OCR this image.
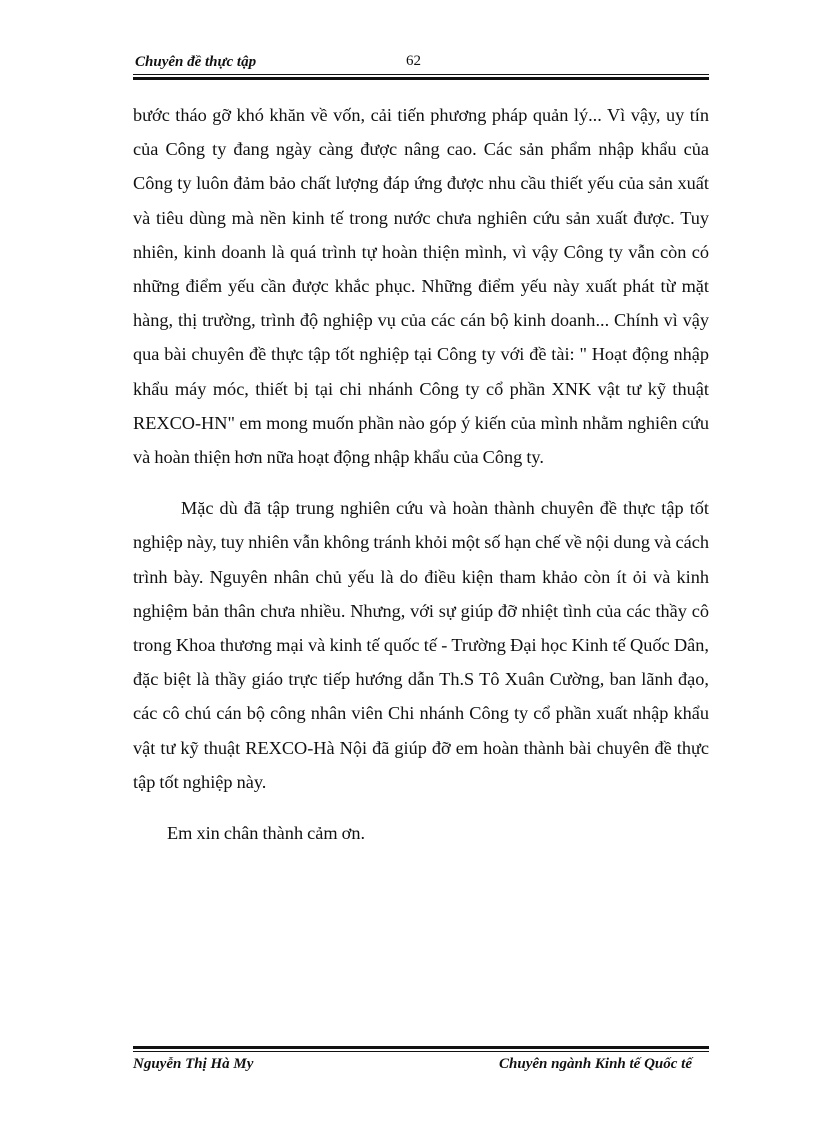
Chuyên đề thực tập	62

bước tháo gỡ khó khăn về vốn, cải tiến phương pháp quản lý... Vì vậy, uy tín của Công ty đang ngày càng được nâng cao. Các sản phẩm nhập khẩu của Công ty luôn đảm bảo chất lượng đáp ứng được nhu cầu thiết yếu của sản xuất và tiêu dùng mà nền kinh tế trong nước chưa nghiên cứu sản xuất được. Tuy nhiên, kinh doanh là quá trình tự hoàn thiện mình, vì vậy Công ty vẫn còn có những điểm yếu cần được khắc phục. Những điểm yếu này xuất phát từ mặt hàng, thị trường, trình độ nghiệp vụ của các cán bộ kinh doanh... Chính vì vậy qua bài chuyên đề thực tập tốt nghiệp tại Công ty với đề tài: " Hoạt động nhập khẩu máy móc, thiết bị tại chi nhánh Công ty cổ phần XNK vật tư kỹ thuật REXCO-HN" em mong muốn phần nào góp ý kiến của mình nhằm nghiên cứu và hoàn thiện hơn nữa hoạt động nhập khẩu của Công ty.

Mặc dù đã tập trung nghiên cứu và hoàn thành chuyên đề thực tập tốt nghiệp này, tuy nhiên vẫn không tránh khỏi một số hạn chế về nội dung và cách trình bày. Nguyên nhân chủ yếu là do điều kiện tham khảo còn ít ỏi và kinh nghiệm bản thân chưa nhiều. Nhưng, với sự giúp đỡ nhiệt tình của các thầy cô trong Khoa thương mại và kinh tế quốc tế - Trường Đại học Kinh tế Quốc Dân, đặc biệt là thầy giáo trực tiếp hướng dẫn Th.S Tô Xuân Cường, ban lãnh đạo, các cô chú cán bộ công nhân viên Chi nhánh Công ty cổ phần xuất nhập khẩu vật tư kỹ thuật REXCO-Hà Nội đã giúp đỡ em hoàn thành bài chuyên đề thực tập tốt nghiệp này.

Em xin chân thành cảm ơn.

Nguyễn Thị Hà My	Chuyên ngành Kinh tế Quốc tế
